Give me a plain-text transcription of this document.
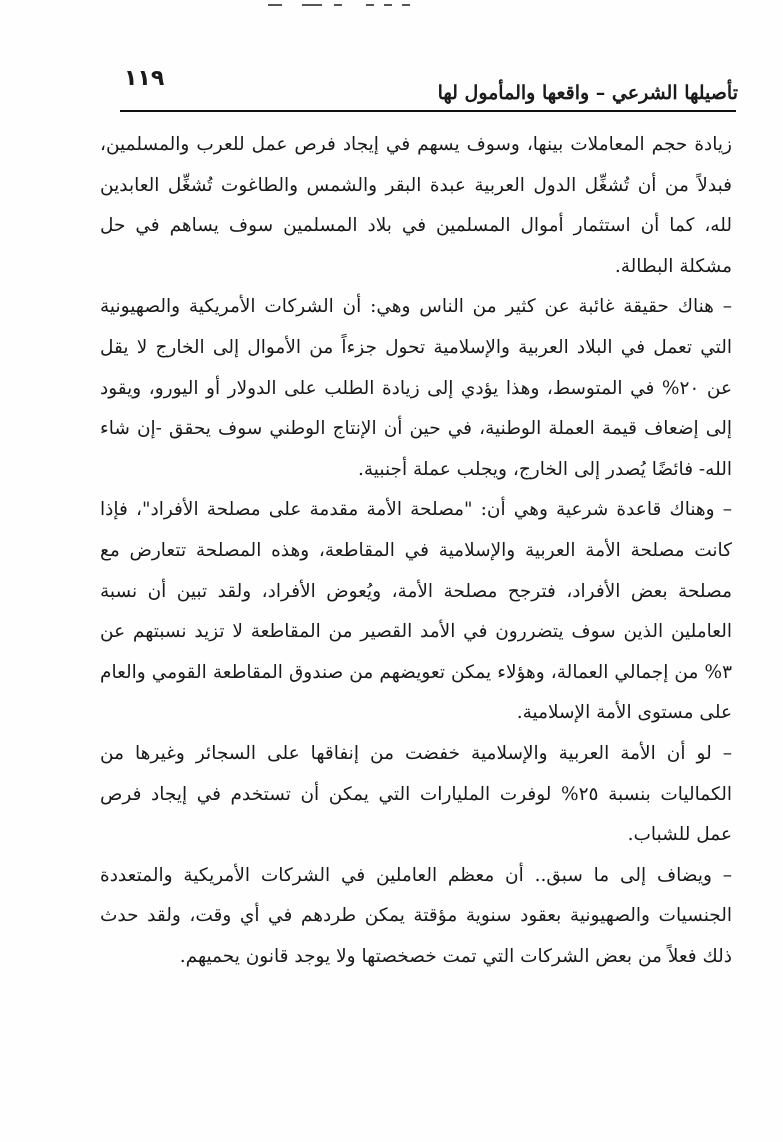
١١٩
تأصيلها الشرعي – واقعها والمأمول لها

زيادة حجم المعاملات بينها، وسوف يسهم في إيجاد فرص عمل للعرب والمسلمين، فبدلاً من أن تُشغِّل الدول العربية عبدة البقر والشمس والطاغوت تُشغِّل العابدين لله، كما أن استثمار أموال المسلمين في بلاد المسلمين سوف يساهم في حل مشكلة البطالة.

– هناك حقيقة غائبة عن كثير من الناس وهي: أن الشركات الأمريكية والصهيونية التي تعمل في البلاد العربية والإسلامية تحول جزءاً من الأموال إلى الخارج لا يقل عن ٢٠% في المتوسط، وهذا يؤدي إلى زيادة الطلب على الدولار أو اليورو، ويقود إلى إضعاف قيمة العملة الوطنية، في حين أن الإنتاج الوطني سوف يحقق -إن شاء الله- فائضًا يُصدر إلى الخارج، ويجلب عملة أجنبية.

– وهناك قاعدة شرعية وهي أن: "مصلحة الأمة مقدمة على مصلحة الأفراد"، فإذا كانت مصلحة الأمة العربية والإسلامية في المقاطعة، وهذه المصلحة تتعارض مع مصلحة بعض الأفراد، فترجح مصلحة الأمة، ويُعوض الأفراد، ولقد تبين أن نسبة العاملين الذين سوف يتضررون في الأمد القصير من المقاطعة لا تزيد نسبتهم عن ٣% من إجمالي العمالة، وهؤلاء يمكن تعويضهم من صندوق المقاطعة القومي والعام على مستوى الأمة الإسلامية.

– لو أن الأمة العربية والإسلامية خفضت من إنفاقها على السجائر وغيرها من الكماليات بنسبة ٢٥% لوفرت المليارات التي يمكن أن تستخدم في إيجاد فرص عمل للشباب.

– ويضاف إلى ما سبق.. أن معظم العاملين في الشركات الأمريكية والمتعددة الجنسيات والصهيونية بعقود سنوية مؤقتة يمكن طردهم في أي وقت، ولقد حدث ذلك فعلاً من بعض الشركات التي تمت خصخصتها ولا يوجد قانون يحميهم.
